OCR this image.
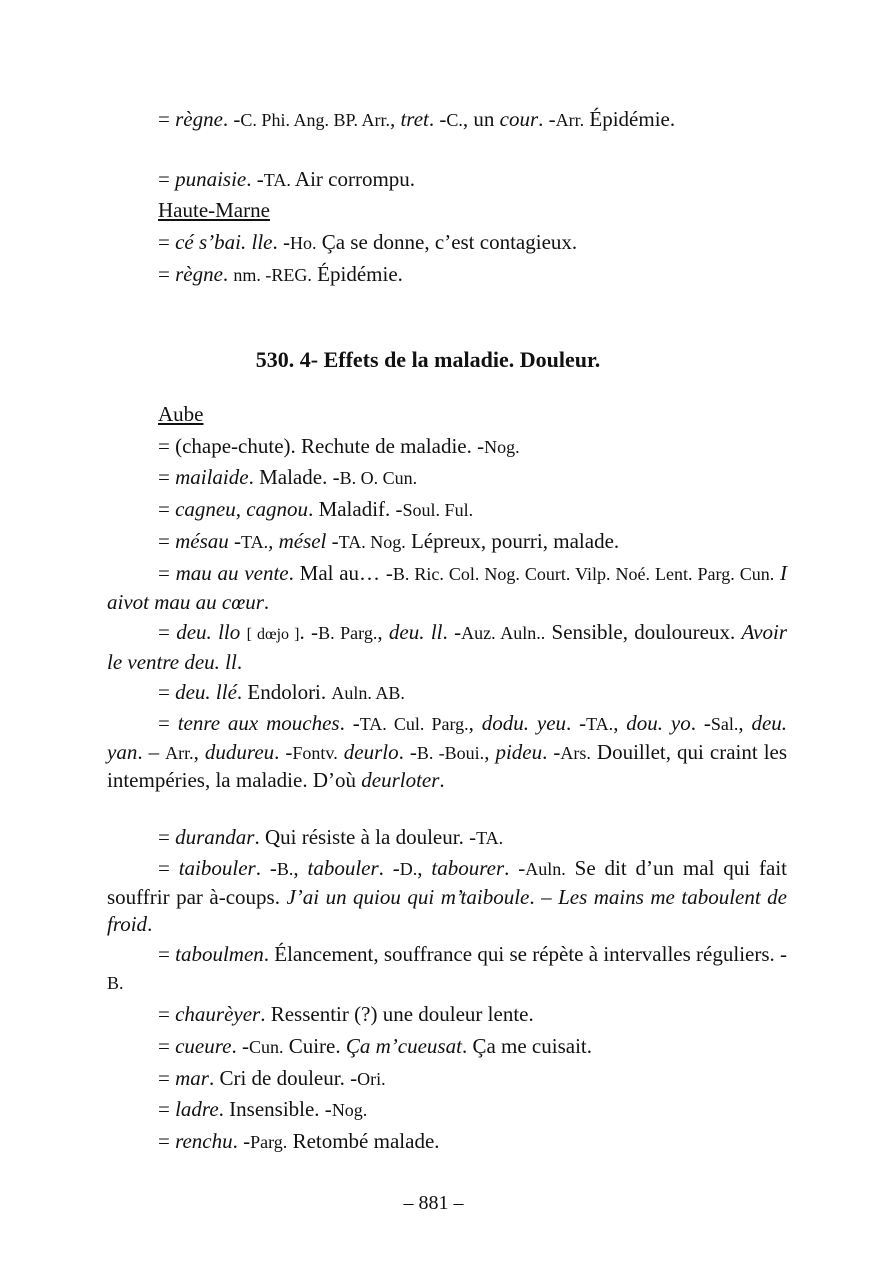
= règne. -C. Phi. Ang. BP. Arr., tret. -C., un cour. -Arr. Épidémie.

= punaisie. -TA. Air corrompu.

Haute-Marne

= cé s’bai. lle. -Ho. Ça se donne, c’est contagieux.

= règne. nm. -REG. Épidémie.

530. 4- Effets de la maladie. Douleur.

Aube

= (chape-chute). Rechute de maladie. -Nog.

= mailaide. Malade. -B. O. Cun.

= cagneu, cagnou. Maladif. -Soul. Ful.

= mésau -TA., mésel -TA. Nog. Lépreux, pourri, malade.

= mau au vente. Mal au… -B. Ric. Col. Nog. Court. Vilp. Noé. Lent. Parg. Cun. I aivot mau au cœur.

= deu. llo [ dœjo ]. -B. Parg., deu. ll. -Auz. Auln.. Sensible, douloureux. Avoir le ventre deu. ll.

= deu. llé. Endolori. Auln. AB.

= tenre aux mouches. -TA. Cul. Parg., dodu. yeu. -TA., dou. yo. -Sal., deu. yan. – Arr., dudureu. -Fontv. deurlo. -B. -Boui., pideu. -Ars. Douillet, qui craint les intempéries, la maladie. D’où deurloter.

= durandar. Qui résiste à la douleur. -TA.

= taibouler. -B., tabouler. -D., tabourer. -Auln. Se dit d’un mal qui fait souffrir par à-coups. J’ai un quiou qui m’taiboule. – Les mains me taboulent de froid.

= taboulmen. Élancement, souffrance qui se répète à intervalles réguliers. -B.

= chaurèyer. Ressentir (?) une douleur lente.

= cueure. -Cun. Cuire. Ça m’cueusat. Ça me cuisait.

= mar. Cri de douleur. -Ori.

= ladre. Insensible. -Nog.

= renchu. -Parg. Retombé malade.

– 881 –
